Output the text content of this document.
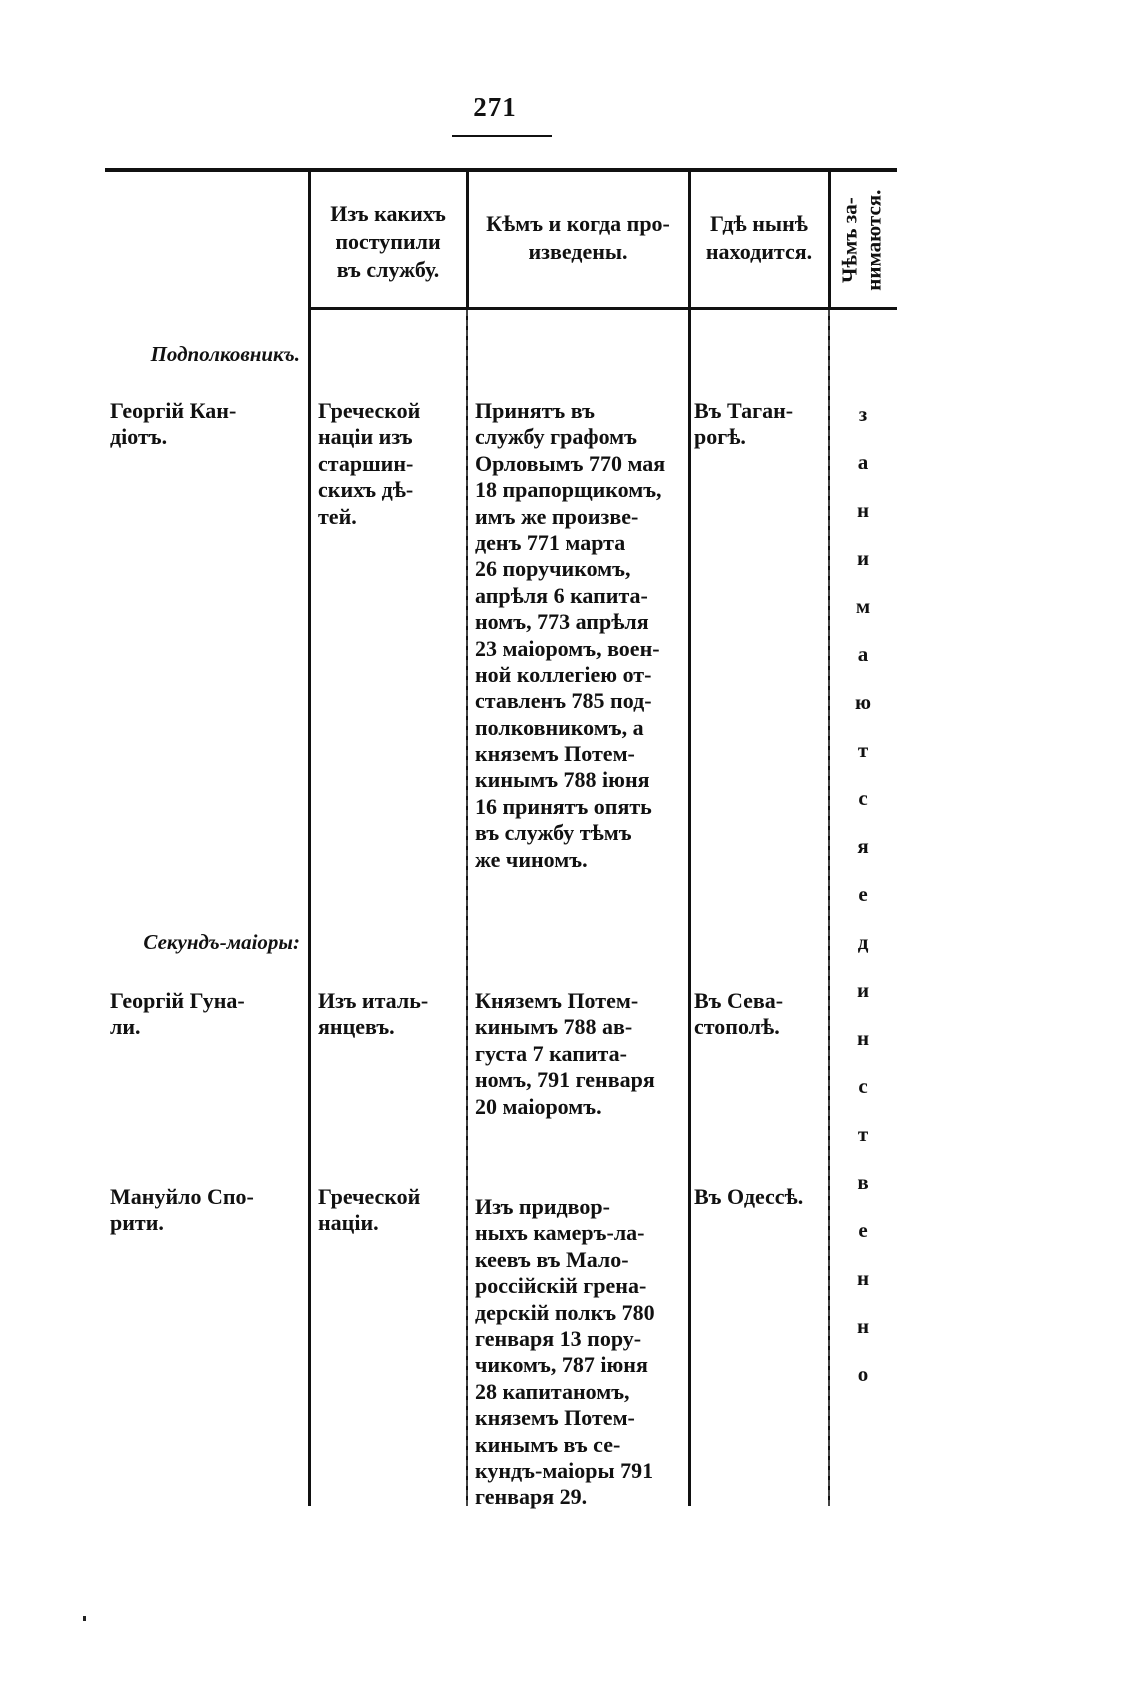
271
Изъ какихъ
поступили
въ службу.
Кѣмъ и когда про-
изведены.
Гдѣ нынѣ
находится.	Чѣмъ за-
нимаются.
Подполковникъ.
Георгій Кан-
діотъ.
Греческой
націи изъ
старшин-
скихъ дѣ-
тей.
Принятъ въ
службу графомъ
Орловымъ 770 мая
18 прапорщикомъ,
имъ же произве-
денъ 771 марта
26 поручикомъ,
апрѣля 6 капита-
номъ, 773 апрѣля
23 маіоромъ, воен-
ной коллегіею от-
ставленъ 785 под-
полковникомъ, а
княземъ Потем-
кинымъ 788 іюня
16 принятъ опять
въ службу тѣмъ
же чиномъ.
Въ Таган-
рогѣ.
Секундъ-маіоры:
Георгій Гуна-
ли.
Изъ италь-
янцевъ.
Княземъ Потем-
кинымъ 788 ав-
густа 7 капита-
номъ, 791 генваря
20 маіоромъ.
Въ Сева-
стополѣ.
Мануйло Спо-
рити.
Греческой
націи.
Изъ придвор-
ныхъ камеръ-ла-
кеевъ въ Мало-
россійскій грена-
дерскій полкъ 780
генваря 13 пору-
чикомъ, 787 іюня
28 капитаномъ,
княземъ Потем-
кинымъ въ се-
кундъ-маіоры 791
генваря 29.
Въ Одессѣ.
з
а
н
и
м
а
ю
т
с
я
е
д
и
н
с
т
в
е
н
н
о
